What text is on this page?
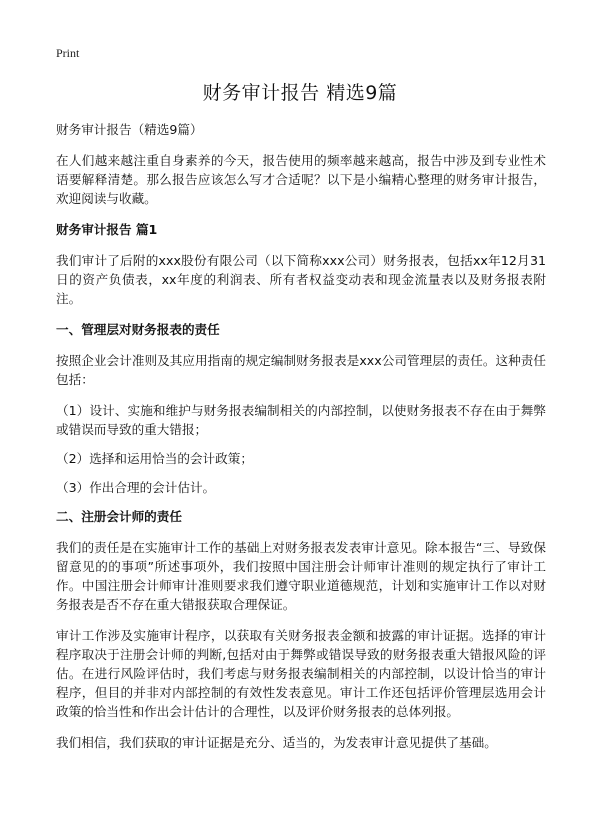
Print
财务审计报告 精选9篇

财务审计报告（精选9篇）

在人们越来越注重自身素养的今天，报告使用的频率越来越高，报告中涉及到专业性术语要解释清楚。那么报告应该怎么写才合适呢？以下是小编精心整理的财务审计报告，欢迎阅读与收藏。

财务审计报告 篇1

我们审计了后附的xxx股份有限公司（以下简称xxx公司）财务报表，包括xx年12月31日的资产负债表，xx年度的利润表、所有者权益变动表和现金流量表以及财务报表附注。

一、管理层对财务报表的责任

按照企业会计准则及其应用指南的规定编制财务报表是xxx公司管理层的责任。这种责任包括：

（1）设计、实施和维护与财务报表编制相关的内部控制，以使财务报表不存在由于舞弊或错误而导致的重大错报；

（2）选择和运用恰当的会计政策；

（3）作出合理的会计估计。

二、注册会计师的责任

我们的责任是在实施审计工作的基础上对财务报表发表审计意见。除本报告“三、导致保留意见的的事项”所述事项外，我们按照中国注册会计师审计准则的规定执行了审计工作。中国注册会计师审计准则要求我们遵守职业道德规范，计划和实施审计工作以对财务报表是否不存在重大错报获取合理保证。

审计工作涉及实施审计程序，以获取有关财务报表金额和披露的审计证据。选择的审计程序取决于注册会计师的判断,包括对由于舞弊或错误导致的财务报表重大错报风险的评估。在进行风险评估时，我们考虑与财务报表编制相关的内部控制，以设计恰当的审计程序，但目的并非对内部控制的有效性发表意见。审计工作还包括评价管理层选用会计政策的恰当性和作出会计估计的合理性，以及评价财务报表的总体列报。

我们相信，我们获取的审计证据是充分、适当的，为发表审计意见提供了基础。
